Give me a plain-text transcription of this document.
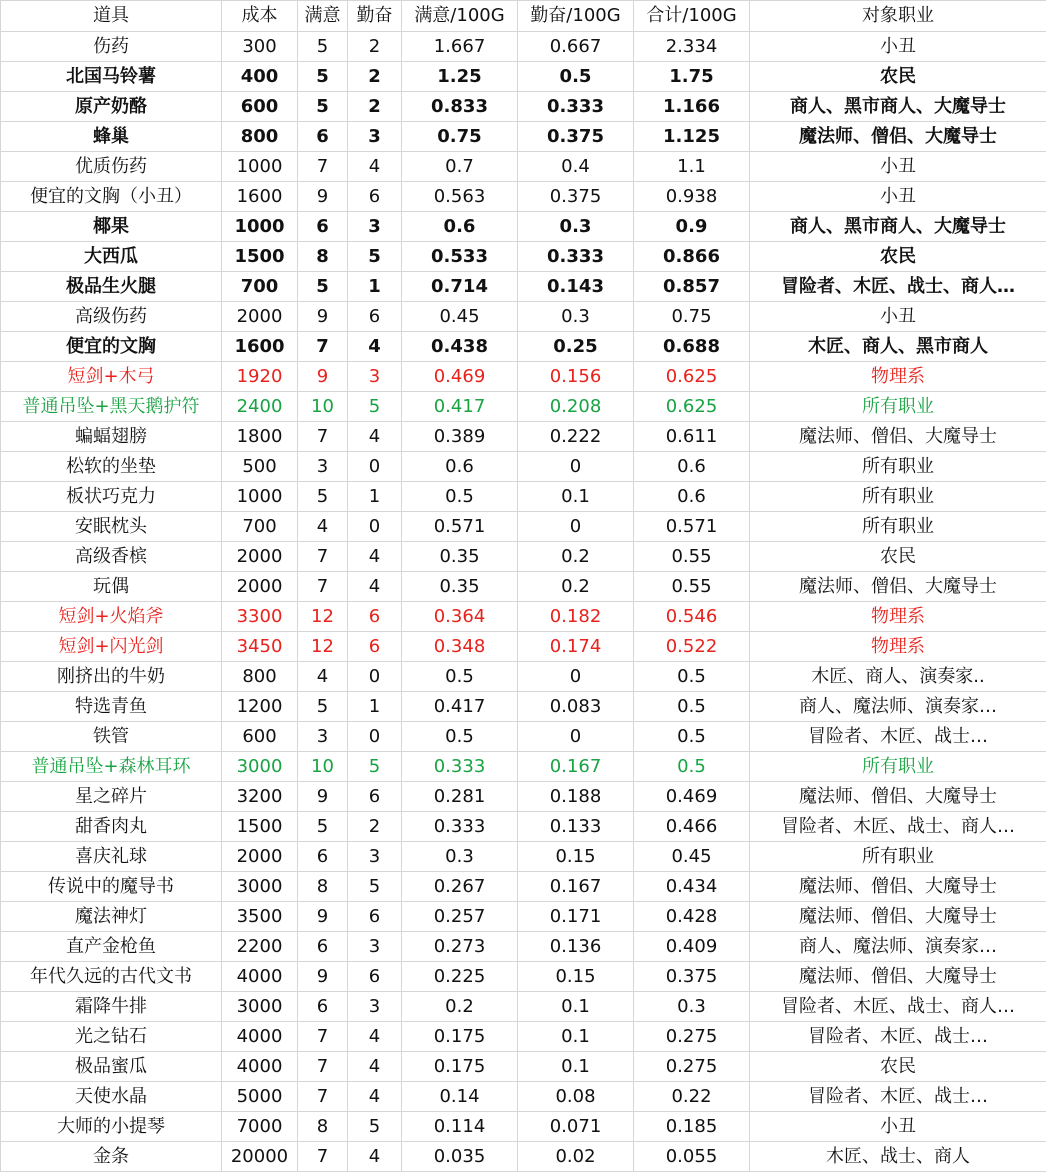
道具	成本	满意	勤奋	满意/100G	勤奋/100G	合计/100G	对象职业
伤药	300	5	2	1.667	0.667	2.334	小丑
北国马铃薯	400	5	2	1.25	0.5	1.75	农民
原产奶酪	600	5	2	0.833	0.333	1.166	商人、黑市商人、大魔导士
蜂巢	800	6	3	0.75	0.375	1.125	魔法师、僧侣、大魔导士
优质伤药	1000	7	4	0.7	0.4	1.1	小丑
便宜的文胸（小丑）	1600	9	6	0.563	0.375	0.938	小丑
椰果	1000	6	3	0.6	0.3	0.9	商人、黑市商人、大魔导士
大西瓜	1500	8	5	0.533	0.333	0.866	农民
极品生火腿	700	5	1	0.714	0.143	0.857	冒险者、木匠、战士、商人…
高级伤药	2000	9	6	0.45	0.3	0.75	小丑
便宜的文胸	1600	7	4	0.438	0.25	0.688	木匠、商人、黑市商人
短剑+木弓	1920	9	3	0.469	0.156	0.625	物理系
普通吊坠+黑天鹅护符	2400	10	5	0.417	0.208	0.625	所有职业
蝙蝠翅膀	1800	7	4	0.389	0.222	0.611	魔法师、僧侣、大魔导士
松软的坐垫	500	3	0	0.6	0	0.6	所有职业
板状巧克力	1000	5	1	0.5	0.1	0.6	所有职业
安眠枕头	700	4	0	0.571	0	0.571	所有职业
高级香槟	2000	7	4	0.35	0.2	0.55	农民
玩偶	2000	7	4	0.35	0.2	0.55	魔法师、僧侣、大魔导士
短剑+火焰斧	3300	12	6	0.364	0.182	0.546	物理系
短剑+闪光剑	3450	12	6	0.348	0.174	0.522	物理系
刚挤出的牛奶	800	4	0	0.5	0	0.5	木匠、商人、演奏家..
特选青鱼	1200	5	1	0.417	0.083	0.5	商人、魔法师、演奏家…
铁管	600	3	0	0.5	0	0.5	冒险者、木匠、战士…
普通吊坠+森林耳环	3000	10	5	0.333	0.167	0.5	所有职业
星之碎片	3200	9	6	0.281	0.188	0.469	魔法师、僧侣、大魔导士
甜香肉丸	1500	5	2	0.333	0.133	0.466	冒险者、木匠、战士、商人…
喜庆礼球	2000	6	3	0.3	0.15	0.45	所有职业
传说中的魔导书	3000	8	5	0.267	0.167	0.434	魔法师、僧侣、大魔导士
魔法神灯	3500	9	6	0.257	0.171	0.428	魔法师、僧侣、大魔导士
直产金枪鱼	2200	6	3	0.273	0.136	0.409	商人、魔法师、演奏家…
年代久远的古代文书	4000	9	6	0.225	0.15	0.375	魔法师、僧侣、大魔导士
霜降牛排	3000	6	3	0.2	0.1	0.3	冒险者、木匠、战士、商人…
光之钻石	4000	7	4	0.175	0.1	0.275	冒险者、木匠、战士…
极品蜜瓜	4000	7	4	0.175	0.1	0.275	农民
天使水晶	5000	7	4	0.14	0.08	0.22	冒险者、木匠、战士…
大师的小提琴	7000	8	5	0.114	0.071	0.185	小丑
金条	20000	7	4	0.035	0.02	0.055	木匠、战士、商人
